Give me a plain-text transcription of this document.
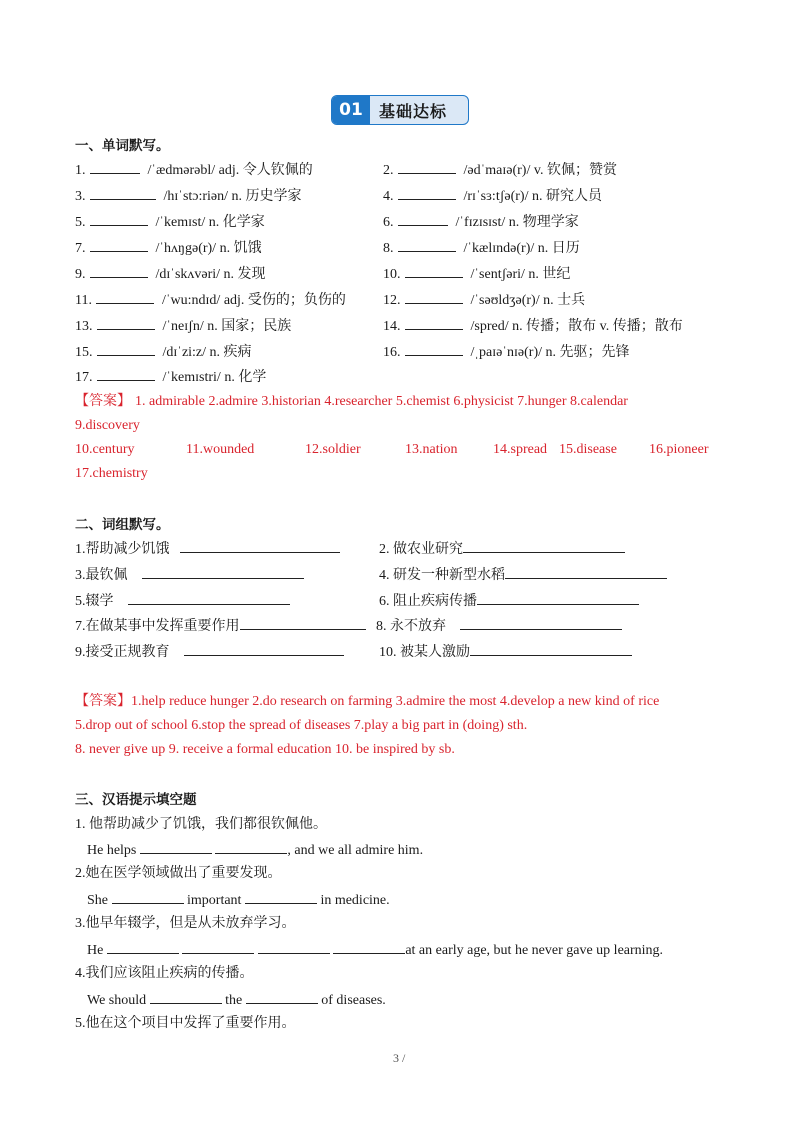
01	基础达标
一、单词默写。
1.	/ˈædmərəbl/ adj. 令人钦佩的	2.	/ədˈmaɪə(r)/ v. 钦佩；赞赏
3.	/hɪˈstɔ:riən/ n. 历史学家	4.	/rɪˈsɜ:tʃə(r)/ n. 研究人员
5.	/ˈkemɪst/ n. 化学家	6.	/ˈfɪzɪsɪst/ n. 物理学家
7.	/ˈhʌŋgə(r)/ n. 饥饿	8.	/ˈkælɪndə(r)/ n. 日历
9.	/dɪˈskʌvəri/ n. 发现	10.	/ˈsentʃəri/ n. 世纪
11.	/ˈwu:ndɪd/ adj. 受伤的；负伤的	12.	/ˈsəʊldʒə(r)/ n. 士兵
13.	/ˈneɪʃn/ n. 国家；民族	14.	/spred/ n. 传播；散布 v. 传播；散布
15.	/dɪˈzi:z/ n. 疾病	16.	/ˌpaɪəˈnɪə(r)/ n. 先驱；先锋
17.	/ˈkemɪstri/ n. 化学
【答案】 1. admirable 2.admire 3.historian 4.researcher 5.chemist 6.physicist 7.hunger 8.calendar
9.discovery
10.century	11.wounded	12.soldier	13.nation	14.spread 15.disease 16.pioneer
17.chemistry
二、词组默写。
1.帮助减少饥饿	2. 做农业研究
3.最钦佩	4. 研发一种新型水稻
5.辍学	6. 阻止疾病传播
7.在做某事中发挥重要作用	8. 永不放弃
9.接受正规教育	10. 被某人激励
【答案】1.help reduce hunger 2.do research on farming 3.admire the most 4.develop a new kind of rice
5.drop out of school 6.stop the spread of diseases 7.play a big part in (doing) sth.
8. never give up 9. receive a formal education 10. be inspired by sb.
三、汉语提示填空题
1. 他帮助减少了饥饿，我们都很钦佩他。
He helps	, and we all admire him.
2.她在医学领域做出了重要发现。
She	important	in medicine.
3.他早年辍学，但是从未放弃学习。
He	at an early age, but he never gave up learning.
4.我们应该阻止疾病的传播。
We should	the	of diseases.
5.他在这个项目中发挥了重要作用。
3 /
